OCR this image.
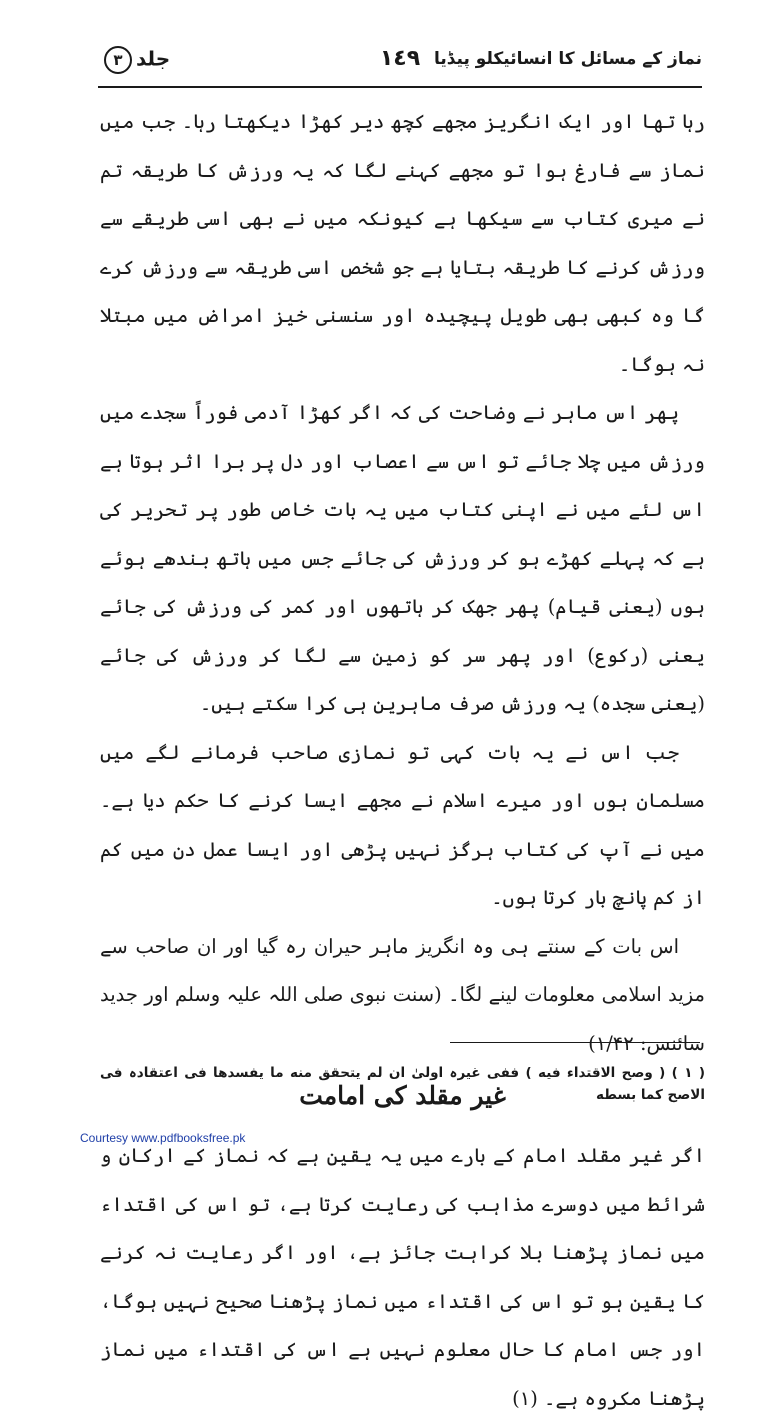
۳ جلد	١٤٩ نماز کے مسائل کا انسائیکلو پیڈیا

رہا تھا اور ایک انگریز مجھے کچھ دیر کھڑا دیکھتا رہا۔ جب میں نماز سے فارغ ہوا تو مجھے کہنے لگا کہ یہ ورزش کا طریقہ تم نے میری کتاب سے سیکھا ہے کیونکہ میں نے بھی اسی طریقے سے ورزش کرنے کا طریقہ بتایا ہے جو شخص اسی طریقہ سے ورزش کرے گا وہ کبھی بھی طویل پیچیدہ اور سنسنی خیز امراض میں مبتلا نہ ہوگا۔

پھر اس ماہر نے وضاحت کی کہ اگر کھڑا آدمی فوراً سجدے میں ورزش میں چلا جائے تو اس سے اعصاب اور دل پر برا اثر ہوتا ہے اس لئے میں نے اپنی کتاب میں یہ بات خاص طور پر تحریر کی ہے کہ پہلے کھڑے ہو کر ورزش کی جائے جس میں ہاتھ بندھے ہوئے ہوں (یعنی قیام) پھر جھک کر ہاتھوں اور کمر کی ورزش کی جائے یعنی (رکوع) اور پھر سر کو زمین سے لگا کر ورزش کی جائے (یعنی سجدہ) یہ ورزش صرف ماہرین ہی کرا سکتے ہیں۔

جب اس نے یہ بات کہی تو نمازی صاحب فرمانے لگے میں مسلمان ہوں اور میرے اسلام نے مجھے ایسا کرنے کا حکم دیا ہے۔ میں نے آپ کی کتاب ہرگز نہیں پڑھی اور ایسا عمل دن میں کم از کم پانچ بار کرتا ہوں۔

اس بات کے سنتے ہی وہ انگریز ماہر حیران رہ گیا اور ان صاحب سے مزید اسلامی معلومات لینے لگا۔ (سنت نبوی صلی اللہ علیہ وسلم اور جدید سائنس: ۱/۴۲)

غیر مقلد کی امامت

اگر غیر مقلد امام کے بارے میں یہ یقین ہے کہ نماز کے ارکان و شرائط میں دوسرے مذاہب کی رعایت کرتا ہے، تو اس کی اقتداء میں نماز پڑھنا بلا کراہت جائز ہے، اور اگر رعایت نہ کرنے کا یقین ہو تو اس کی اقتداء میں نماز پڑھنا صحیح نہیں ہوگا، اور جس امام کا حال معلوم نہیں ہے اس کی اقتداء میں نماز پڑھنا مکروہ ہے۔ (۱)

( ۱ ) ( وصح الاقتداء فیه ) ففی غیرہ اولیٰ ان لم یتحقق منه ما یفسدھا فی اعتقادہ فی الاصح کما بسطه
Courtesy www.pdfbooksfree.pk
